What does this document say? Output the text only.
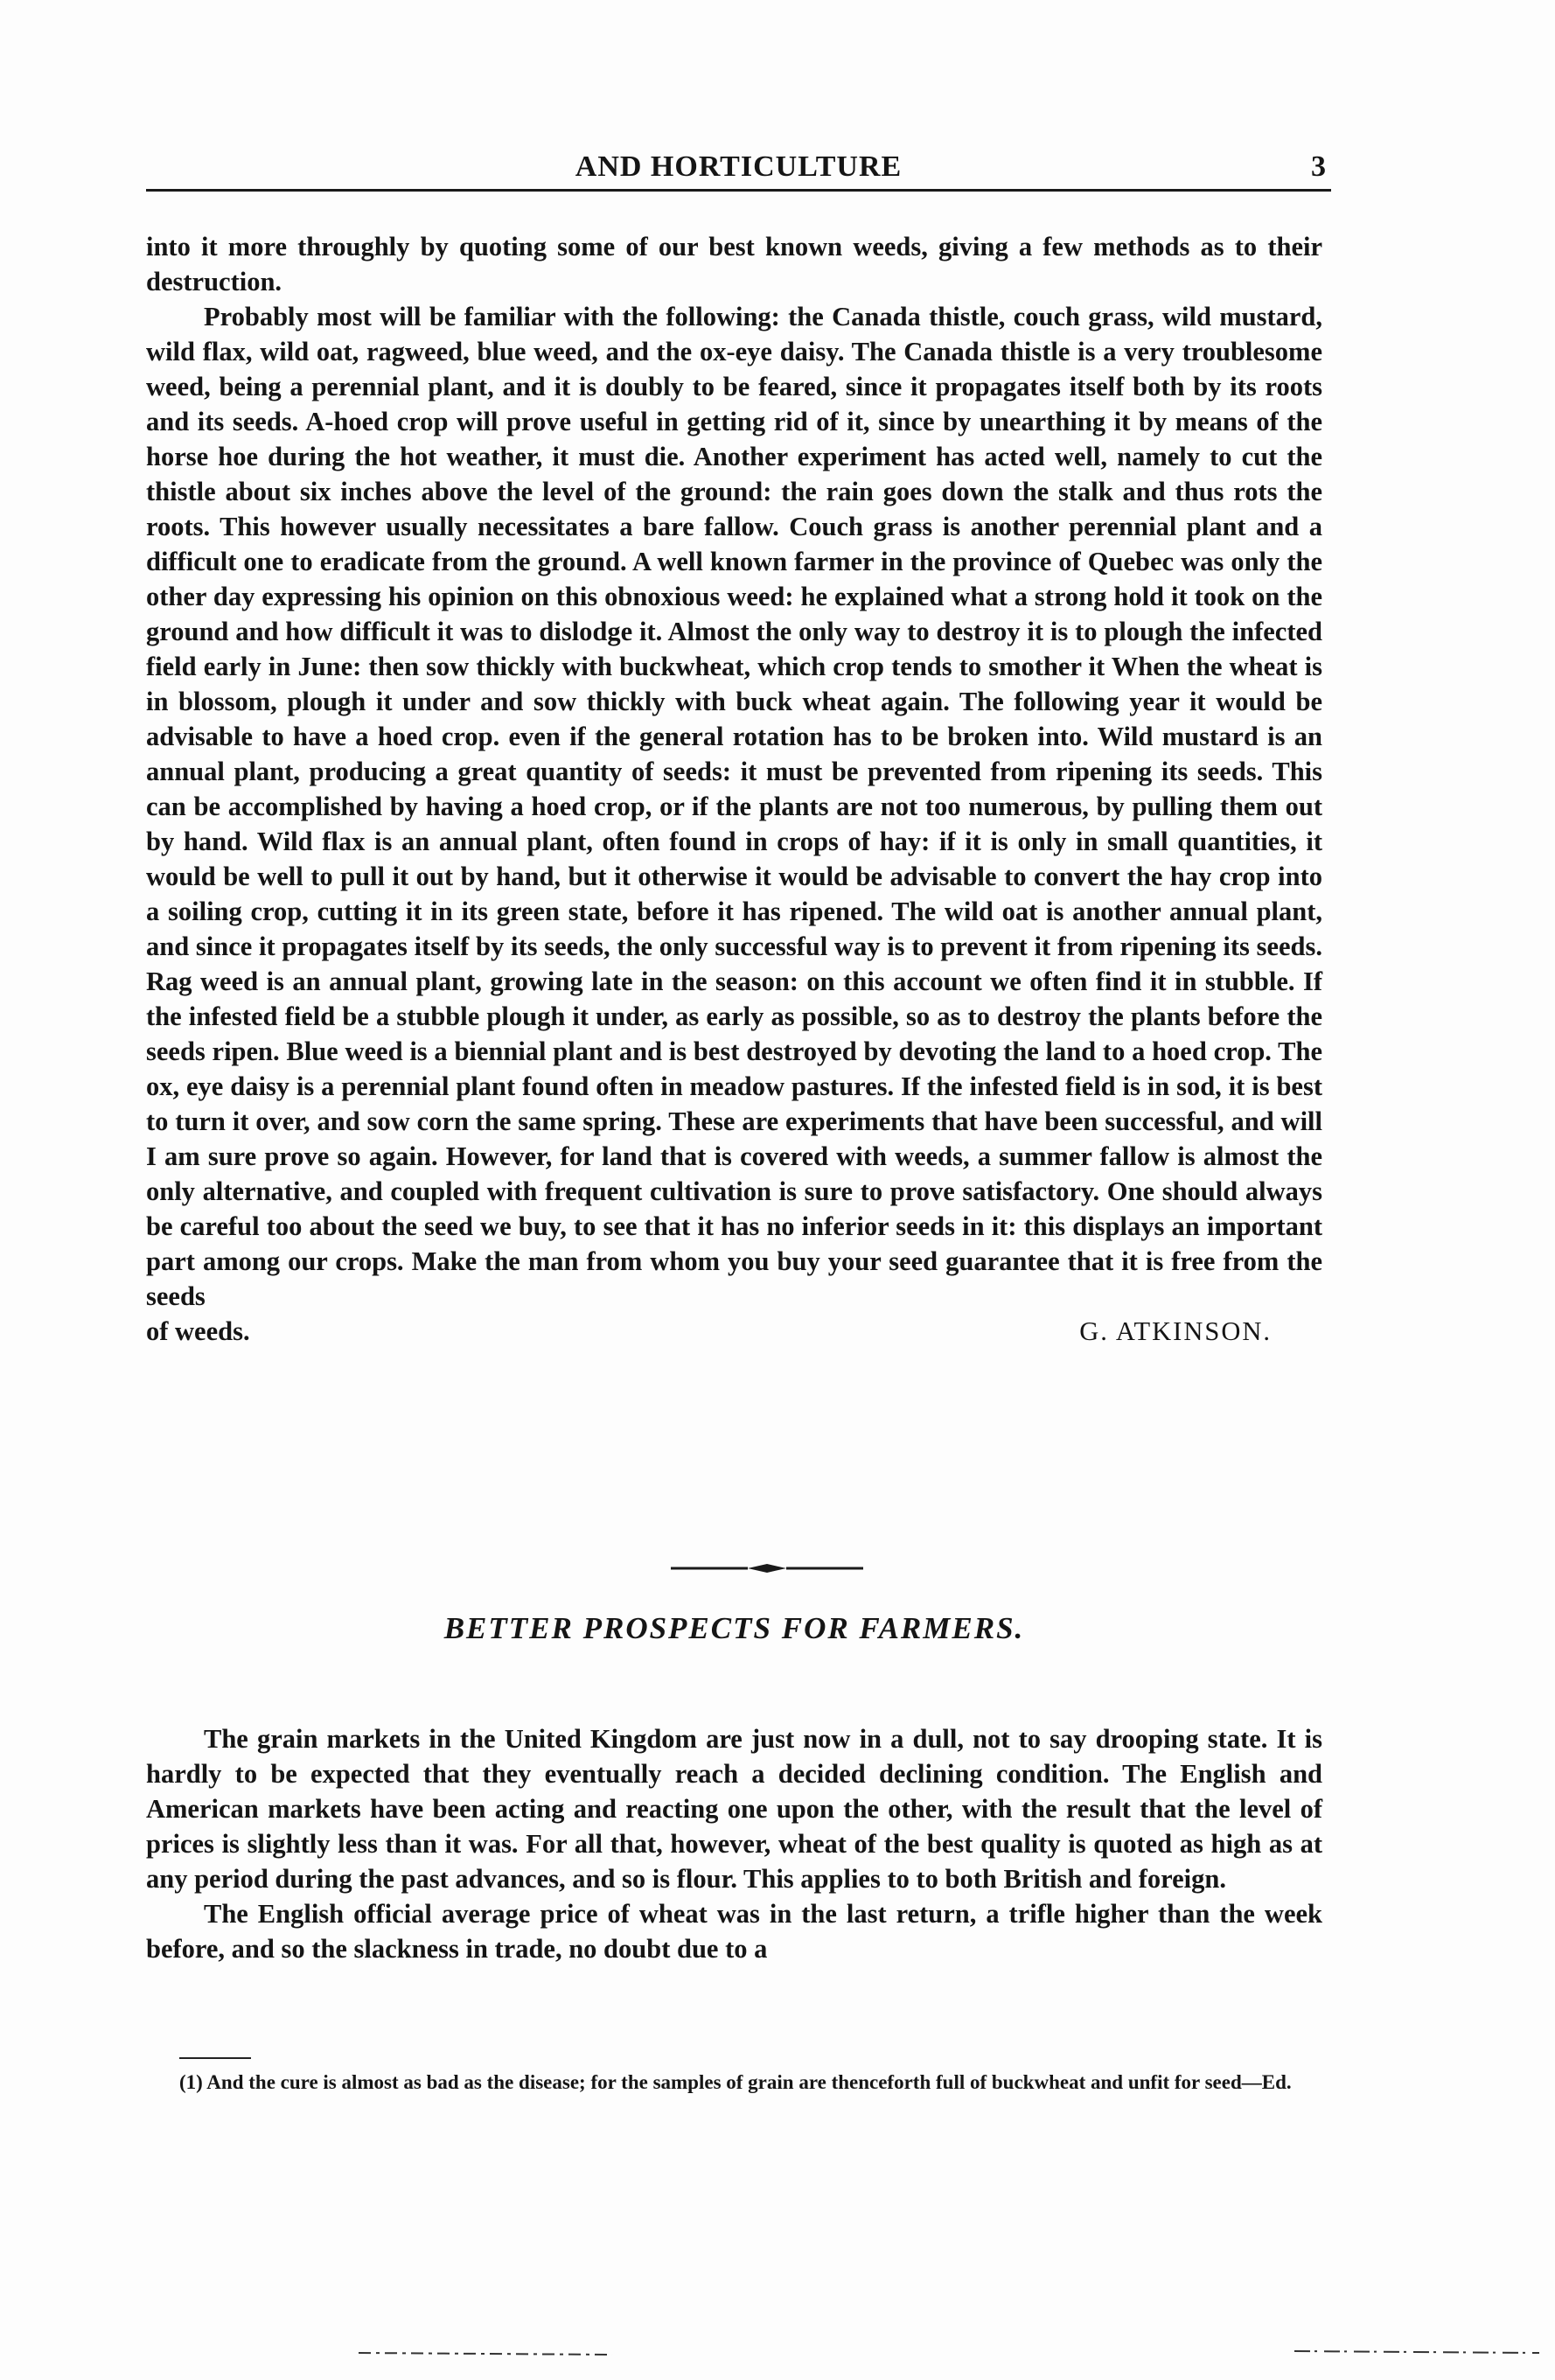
AND HORTICULTURE	3

into it more throughly by quoting some of our best known weeds, giving a few methods as to their destruction.

Probably most will be familiar with the following: the Canada thistle, couch grass, wild mustard, wild flax, wild oat, ragweed, blue weed, and the ox-eye daisy. The Canada thistle is a very troublesome weed, being a perennial plant, and it is doubly to be feared, since it propagates itself both by its roots and its seeds. A-hoed crop will prove useful in getting rid of it, since by unearthing it by means of the horse hoe during the hot weather, it must die. Another experiment has acted well, namely to cut the thistle about six inches above the level of the ground: the rain goes down the stalk and thus rots the roots. This however usually necessitates a bare fallow. Couch grass is another perennial plant and a difficult one to eradicate from the ground. A well known farmer in the province of Quebec was only the other day expressing his opinion on this obnoxious weed: he explained what a strong hold it took on the ground and how difficult it was to dislodge it. Almost the only way to destroy it is to plough the infected field early in June: then sow thickly with buckwheat, which crop tends to smother it When the wheat is in blossom, plough it under and sow thickly with buck wheat again. The following year it would be advisable to have a hoed crop. even if the general rotation has to be broken into. Wild mustard is an annual plant, producing a great quantity of seeds: it must be prevented from ripening its seeds. This can be accomplished by having a hoed crop, or if the plants are not too numerous, by pulling them out by hand. Wild flax is an annual plant, often found in crops of hay: if it is only in small quantities, it would be well to pull it out by hand, but it otherwise it would be advisable to convert the hay crop into a soiling crop, cutting it in its green state, before it has ripened. The wild oat is another annual plant, and since it propagates itself by its seeds, the only successful way is to prevent it from ripening its seeds. Rag weed is an annual plant, growing late in the season: on this account we often find it in stubble. If the infested field be a stubble plough it under, as early as possible, so as to destroy the plants before the seeds ripen. Blue weed is a biennial plant and is best destroyed by devoting the land to a hoed crop. The ox, eye daisy is a perennial plant found often in meadow pastures. If the infested field is in sod, it is best to turn it over, and sow corn the same spring. These are experiments that have been successful, and will I am sure prove so again. However, for land that is covered with weeds, a summer fallow is almost the only alternative, and coupled with frequent cultivation is sure to prove satisfactory. One should always be careful too about the seed we buy, to see that it has no inferior seeds in it: this displays an important part among our crops. Make the man from whom you buy your seed guarantee that it is free from the seeds

of weeds.	G. ATKINSON.
BETTER PROSPECTS FOR FARMERS.

The grain markets in the United Kingdom are just now in a dull, not to say drooping state. It is hardly to be expected that they eventually reach a decided declining condition. The English and American markets have been acting and reacting one upon the other, with the result that the level of prices is slightly less than it was. For all that, however, wheat of the best quality is quoted as high as at any period during the past advances, and so is flour. This applies to to both British and foreign.

The English official average price of wheat was in the last return, a trifle higher than the week before, and so the slackness in trade, no doubt due to a

(1) And the cure is almost as bad as the disease; for the samples of grain are thenceforth full of buckwheat and unfit for seed—Ed.
